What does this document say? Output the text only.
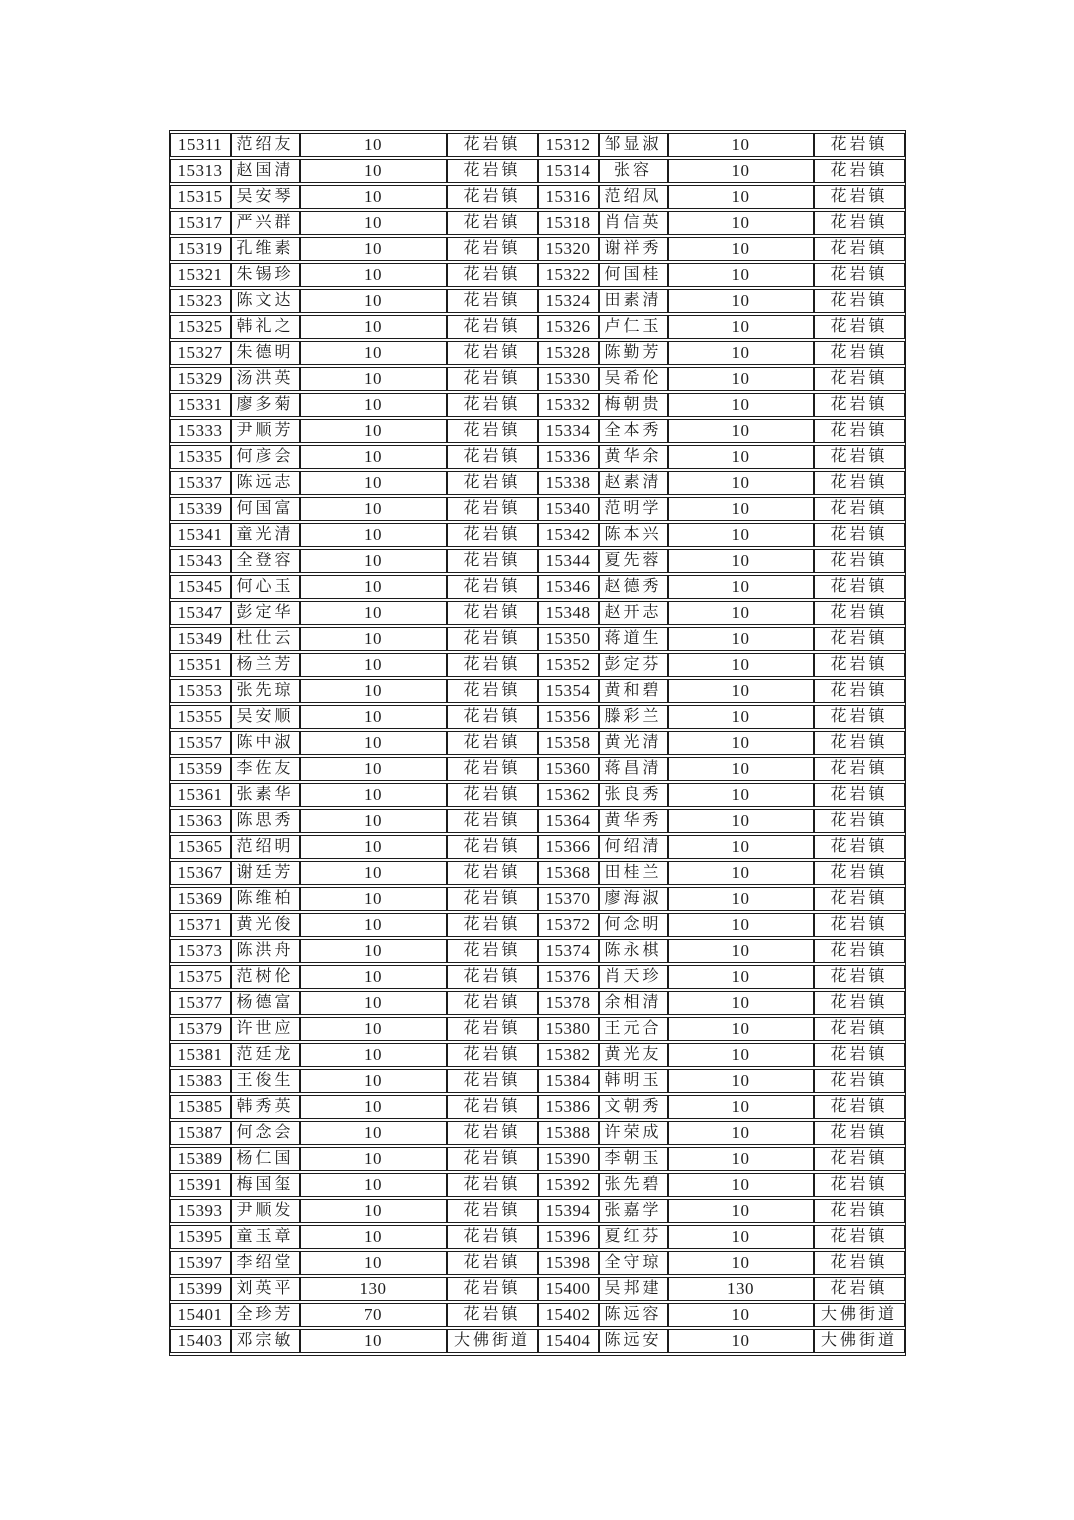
15311	范绍友	10	花岩镇	15312	邹显淑	10	花岩镇
15313	赵国清	10	花岩镇	15314	张容	10	花岩镇
15315	吴安琴	10	花岩镇	15316	范绍凤	10	花岩镇
15317	严兴群	10	花岩镇	15318	肖信英	10	花岩镇
15319	孔维素	10	花岩镇	15320	谢祥秀	10	花岩镇
15321	朱锡珍	10	花岩镇	15322	何国桂	10	花岩镇
15323	陈文达	10	花岩镇	15324	田素清	10	花岩镇
15325	韩礼之	10	花岩镇	15326	卢仁玉	10	花岩镇
15327	朱德明	10	花岩镇	15328	陈勤芳	10	花岩镇
15329	汤洪英	10	花岩镇	15330	吴希伦	10	花岩镇
15331	廖多菊	10	花岩镇	15332	梅朝贵	10	花岩镇
15333	尹顺芳	10	花岩镇	15334	全本秀	10	花岩镇
15335	何彦会	10	花岩镇	15336	黄华余	10	花岩镇
15337	陈远志	10	花岩镇	15338	赵素清	10	花岩镇
15339	何国富	10	花岩镇	15340	范明学	10	花岩镇
15341	童光清	10	花岩镇	15342	陈本兴	10	花岩镇
15343	全登容	10	花岩镇	15344	夏先蓉	10	花岩镇
15345	何心玉	10	花岩镇	15346	赵德秀	10	花岩镇
15347	彭定华	10	花岩镇	15348	赵开志	10	花岩镇
15349	杜仕云	10	花岩镇	15350	蒋道生	10	花岩镇
15351	杨兰芳	10	花岩镇	15352	彭定芬	10	花岩镇
15353	张先琼	10	花岩镇	15354	黄和碧	10	花岩镇
15355	吴安顺	10	花岩镇	15356	滕彩兰	10	花岩镇
15357	陈中淑	10	花岩镇	15358	黄光清	10	花岩镇
15359	李佐友	10	花岩镇	15360	蒋昌清	10	花岩镇
15361	张素华	10	花岩镇	15362	张良秀	10	花岩镇
15363	陈思秀	10	花岩镇	15364	黄华秀	10	花岩镇
15365	范绍明	10	花岩镇	15366	何绍清	10	花岩镇
15367	谢廷芳	10	花岩镇	15368	田桂兰	10	花岩镇
15369	陈维柏	10	花岩镇	15370	廖海淑	10	花岩镇
15371	黄光俊	10	花岩镇	15372	何念明	10	花岩镇
15373	陈洪舟	10	花岩镇	15374	陈永棋	10	花岩镇
15375	范树伦	10	花岩镇	15376	肖天珍	10	花岩镇
15377	杨德富	10	花岩镇	15378	余相清	10	花岩镇
15379	许世应	10	花岩镇	15380	王元合	10	花岩镇
15381	范廷龙	10	花岩镇	15382	黄光友	10	花岩镇
15383	王俊生	10	花岩镇	15384	韩明玉	10	花岩镇
15385	韩秀英	10	花岩镇	15386	文朝秀	10	花岩镇
15387	何念会	10	花岩镇	15388	许荣成	10	花岩镇
15389	杨仁国	10	花岩镇	15390	李朝玉	10	花岩镇
15391	梅国玺	10	花岩镇	15392	张先碧	10	花岩镇
15393	尹顺发	10	花岩镇	15394	张嘉学	10	花岩镇
15395	童玉章	10	花岩镇	15396	夏红芬	10	花岩镇
15397	李绍堂	10	花岩镇	15398	全守琼	10	花岩镇
15399	刘英平	130	花岩镇	15400	吴邦建	130	花岩镇
15401	全珍芳	70	花岩镇	15402	陈远容	10	大佛街道
15403	邓宗敏	10	大佛街道	15404	陈远安	10	大佛街道
